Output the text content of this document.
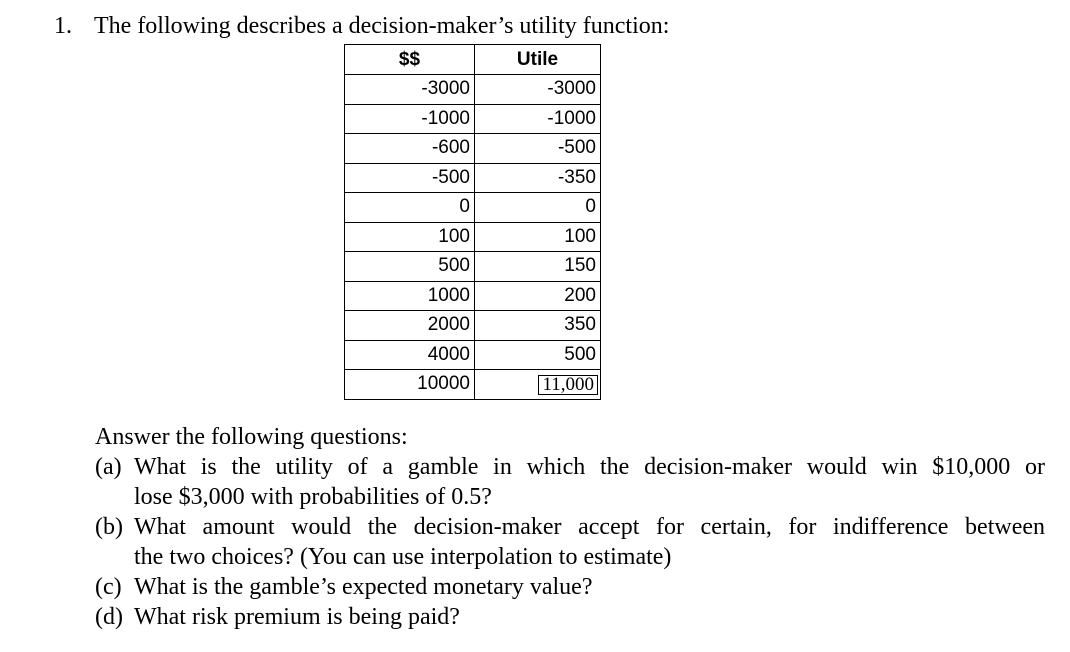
1. The following describes a decision-maker’s utility function:
$$	Utile
-3000	-3000
-1000	-1000
-600	-500
-500	-350
0	0
100	100
500	150
1000	200
2000	350
4000	500
10000	11,000
Answer the following questions:
(a) What is the utility of a gamble in which the decision-maker would win $10,000 or
lose $3,000 with probabilities of 0.5?
(b) What amount would the decision-maker accept for certain, for indifference between
the two choices? (You can use interpolation to estimate)
(c) What is the gamble’s expected monetary value?
(d) What risk premium is being paid?
